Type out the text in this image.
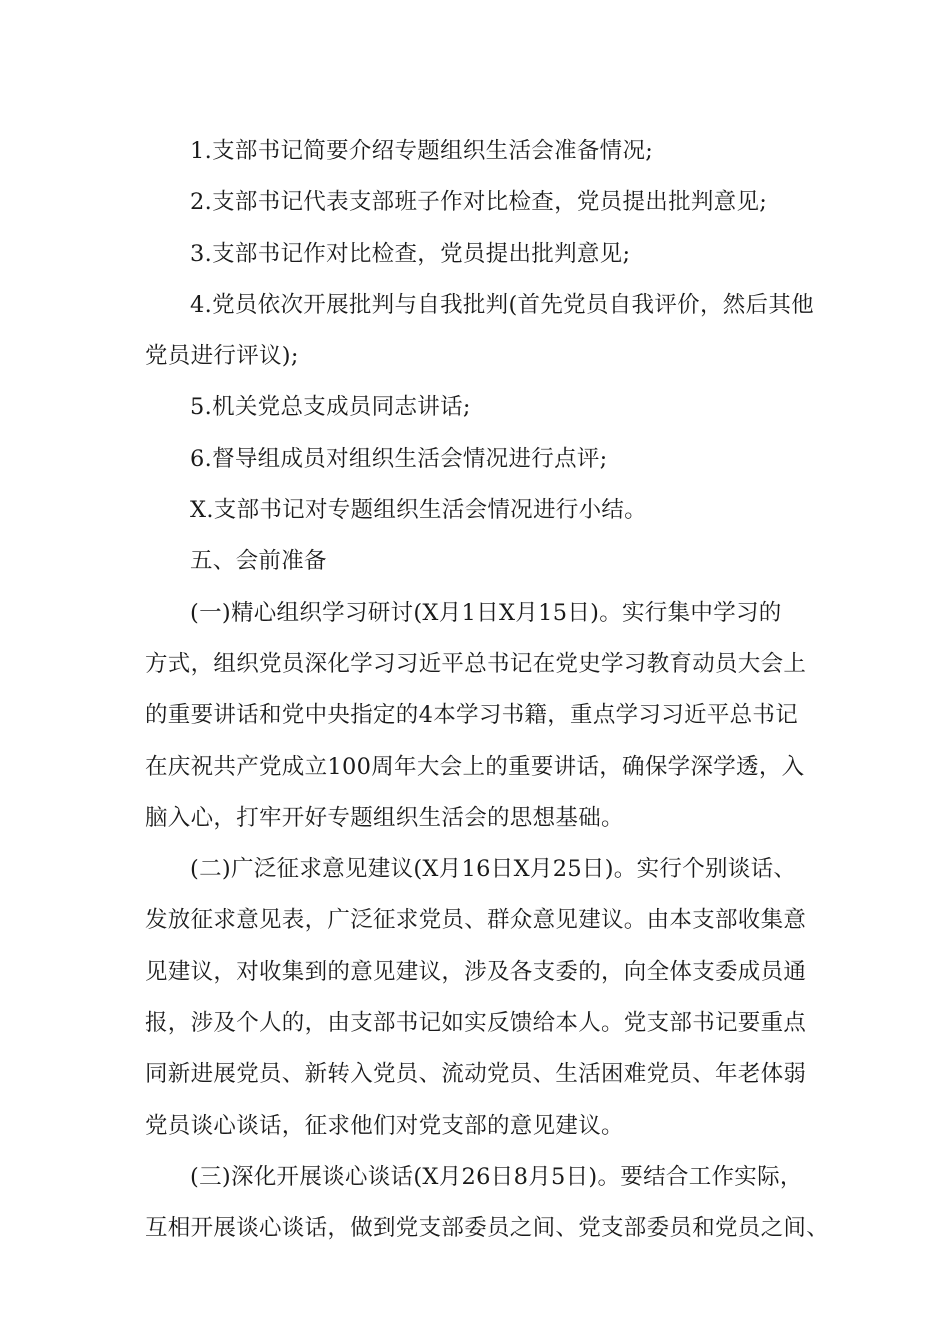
1.支部书记简要介绍专题组织生活会准备情况;
2.支部书记代表支部班子作对比检查，党员提出批判意见;
3.支部书记作对比检查，党员提出批判意见;
4.党员依次开展批判与自我批判(首先党员自我评价，然后其他
党员进行评议);
5.机关党总支成员同志讲话;
6.督导组成员对组织生活会情况进行点评;
X.支部书记对专题组织生活会情况进行小结。
五、会前准备
(一)精心组织学习研讨(X月1日X月15日)。实行集中学习的
方式，组织党员深化学习习近平总书记在党史学习教育动员大会上
的重要讲话和党中央指定的4本学习书籍，重点学习习近平总书记
在庆祝共产党成立100周年大会上的重要讲话，确保学深学透，入
脑入心，打牢开好专题组织生活会的思想基础。
(二)广泛征求意见建议(X月16日X月25日)。实行个别谈话、
发放征求意见表，广泛征求党员、群众意见建议。由本支部收集意
见建议，对收集到的意见建议，涉及各支委的，向全体支委成员通
报，涉及个人的，由支部书记如实反馈给本人。党支部书记要重点
同新进展党员、新转入党员、流动党员、生活困难党员、年老体弱
党员谈心谈话，征求他们对党支部的意见建议。
(三)深化开展谈心谈话(X月26日8月5日)。要结合工作实际，
互相开展谈心谈话，做到党支部委员之间、党支部委员和党员之间、
